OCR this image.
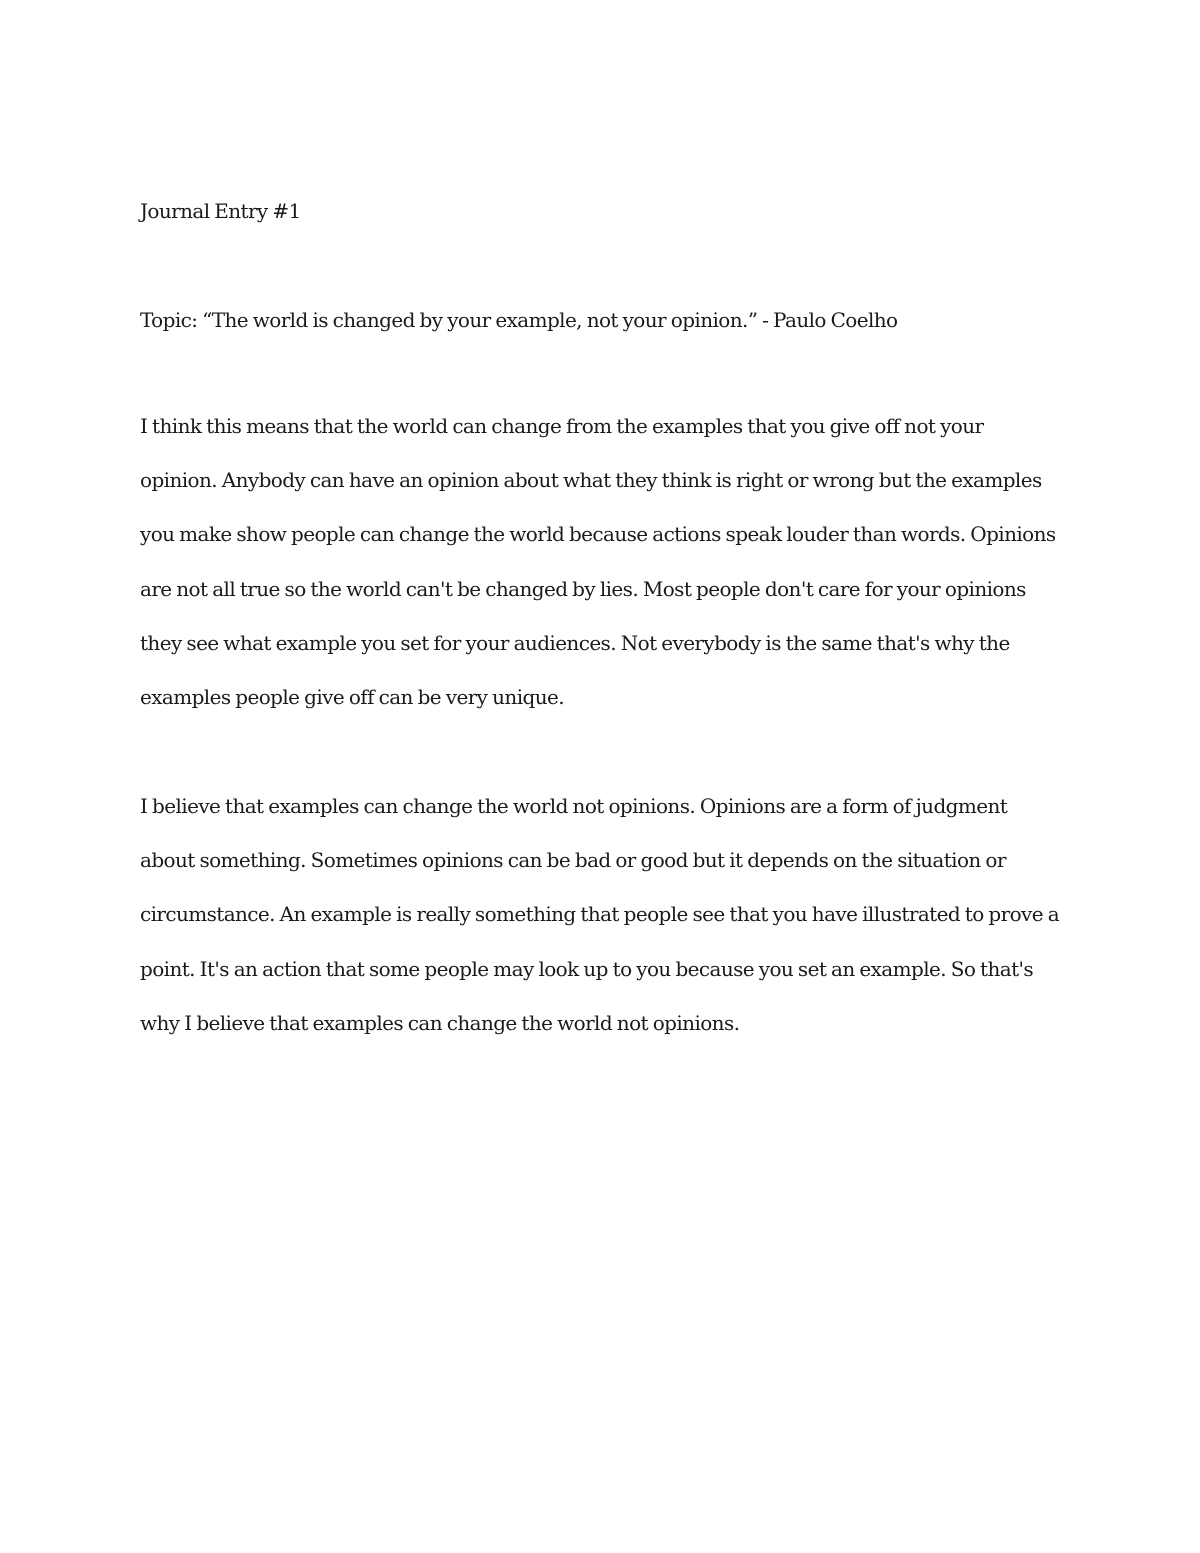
Journal Entry #1

Topic: “The world is changed by your example, not your opinion.” - Paulo Coelho

I think this means that the world can change from the examples that you give off not your
opinion. Anybody can have an opinion about what they think is right or wrong but the examples
you make show people can change the world because actions speak louder than words. Opinions
are not all true so the world can't be changed by lies. Most people don't care for your opinions
they see what example you set for your audiences. Not everybody is the same that's why the
examples people give off can be very unique.

I believe that examples can change the world not opinions. Opinions are a form of judgment
about something. Sometimes opinions can be bad or good but it depends on the situation or
circumstance. An example is really something that people see that you have illustrated to prove a
point. It's an action that some people may look up to you because you set an example. So that's
why I believe that examples can change the world not opinions.
